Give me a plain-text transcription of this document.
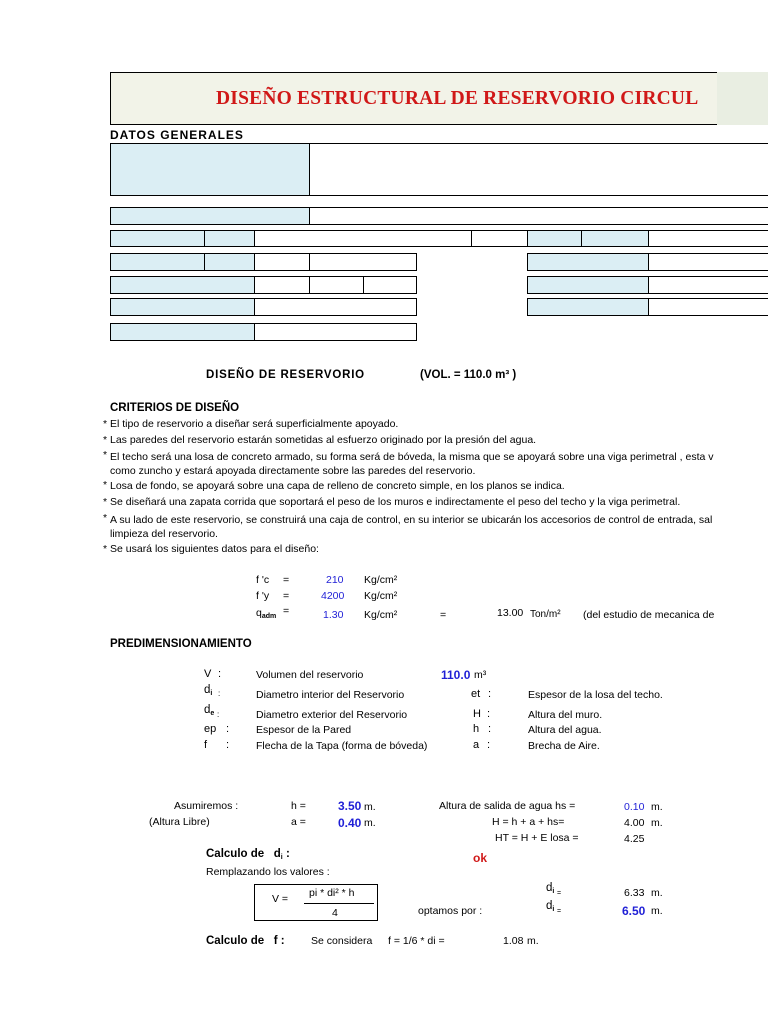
DISEÑO ESTRUCTURAL DE RESERVORIO CIRCUL
DATOS GENERALES
DISEÑO DE RESERVORIO	(VOL. = 110.0 m³ )
CRITERIOS DE DISEÑO
* El tipo de reservorio a diseñar será superficialmente apoyado.
* Las paredes del reservorio estarán sometidas al esfuerzo originado por la presión del agua.
* El techo será una losa de concreto armado, su forma será de bóveda, la misma que se apoyará sobre una viga perimetral , esta v
como zuncho y estará apoyada directamente sobre las paredes del reservorio.
* Losa de fondo, se apoyará sobre una capa de relleno de concreto simple, en los planos se indica.
* Se diseñará una zapata corrida que soportará el peso de los muros e indirectamente el peso del techo y la viga perimetral.
* A su lado de este reservorio, se construirá una caja de control, en su interior se ubicarán los accesorios de control de entrada, sal
limpieza del reservorio.
* Se usará los siguientes datos para el diseño:
f 'c =	210 Kg/cm²
f 'y =	4200 Kg/cm²
$q_{adm}$ =	1.30 Kg/cm²	=	13.00 Ton/m² (del estudio de mecanica de
PREDIMENSIONAMIENTO
V :	Volumen del reservorio	110.0 m³
$d_i$ :	Diametro interior del Reservorio
$d_e$ :	Diametro exterior del Reservorio
ep :	Espesor de la Pared
f :	Flecha de la Tapa (forma de bóveda)
et :	Espesor de la losa del techo.
H :	Altura del muro.
h :	Altura del agua.
a :	Brecha de Aire.
Asumiremos :
(Altura Libre)
h =	3.50 m.
a =	0.40 m.
Altura de salida de agua hs =	0.10 m.
H = h + a + hs=	4.00 m.
HT = H + E losa =	4.25
Calculo de $d_i$ :	ok
Remplazando los valores :
V = pi * di² * h
4
$d_i$ =	6.33 m.
optamos por :	$d_i$ =	6.50 m.
Calculo de f :	Se considera f = 1/6 * di =	1.08 m.
